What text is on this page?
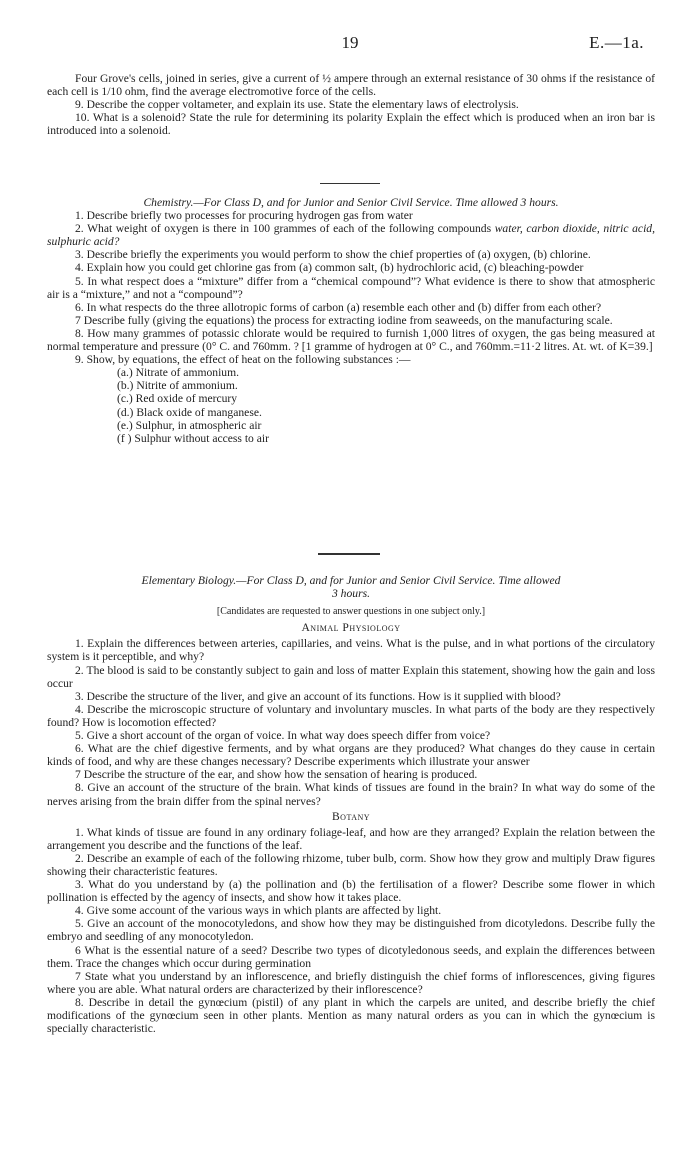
19	E.—1a.

Four Grove's cells, joined in series, give a current of ½ ampere through an external resistance of 30 ohms if the resistance of each cell is 1/10 ohm, find the average electromotive force of the cells.

9. Describe the copper voltameter, and explain its use. State the elementary laws of electrolysis.

10. What is a solenoid? State the rule for determining its polarity Explain the effect which is produced when an iron bar is introduced into a solenoid.

Chemistry.—For Class D, and for Junior and Senior Civil Service. Time allowed 3 hours.

1. Describe briefly two processes for procuring hydrogen gas from water

2. What weight of oxygen is there in 100 grammes of each of the following compounds water, carbon dioxide, nitric acid, sulphuric acid?

3. Describe briefly the experiments you would perform to show the chief properties of (a) oxygen, (b) chlorine.

4. Explain how you could get chlorine gas from (a) common salt, (b) hydrochloric acid, (c) bleaching-powder

5. In what respect does a “mixture” differ from a “chemical compound”? What evidence is there to show that atmospheric air is a “mixture,” and not a “compound”?

6. In what respects do the three allotropic forms of carbon (a) resemble each other and (b) differ from each other?

7 Describe fully (giving the equations) the process for extracting iodine from seaweeds, on the manufacturing scale.

8. How many grammes of potassic chlorate would be required to furnish 1,000 litres of oxygen, the gas being measured at normal temperature and pressure (0° C. and 760mm. ? [1 gramme of hydrogen at 0° C., and 760mm.=11·2 litres. At. wt. of K=39.]

9. Show, by equations, the effect of heat on the following substances :—

(a.) Nitrate of ammonium.

(b.) Nitrite of ammonium.

(c.) Red oxide of mercury

(d.) Black oxide of manganese.

(e.) Sulphur, in atmospheric air

(f ) Sulphur without access to air

Elementary Biology.—For Class D, and for Junior and Senior Civil Service. Time allowed

3 hours.

[Candidates are requested to answer questions in one subject only.]

Animal Physiology

1. Explain the differences between arteries, capillaries, and veins. What is the pulse, and in what portions of the circulatory system is it perceptible, and why?

2. The blood is said to be constantly subject to gain and loss of matter Explain this statement, showing how the gain and loss occur

3. Describe the structure of the liver, and give an account of its functions. How is it supplied with blood?

4. Describe the microscopic structure of voluntary and involuntary muscles. In what parts of the body are they respectively found? How is locomotion effected?

5. Give a short account of the organ of voice. In what way does speech differ from voice?

6. What are the chief digestive ferments, and by what organs are they produced? What changes do they cause in certain kinds of food, and why are these changes necessary? Describe experiments which illustrate your answer

7 Describe the structure of the ear, and show how the sensation of hearing is produced.

8. Give an account of the structure of the brain. What kinds of tissues are found in the brain? In what way do some of the nerves arising from the brain differ from the spinal nerves?

Botany

1. What kinds of tissue are found in any ordinary foliage-leaf, and how are they arranged? Explain the relation between the arrangement you describe and the functions of the leaf.

2. Describe an example of each of the following rhizome, tuber bulb, corm. Show how they grow and multiply Draw figures showing their characteristic features.

3. What do you understand by (a) the pollination and (b) the fertilisation of a flower? Describe some flower in which pollination is effected by the agency of insects, and show how it takes place.

4. Give some account of the various ways in which plants are affected by light.

5. Give an account of the monocotyledons, and show how they may be distinguished from dicotyledons. Describe fully the embryo and seedling of any monocotyledon.

6 What is the essential nature of a seed? Describe two types of dicotyledonous seeds, and explain the differences between them. Trace the changes which occur during germination

7 State what you understand by an inflorescence, and briefly distinguish the chief forms of inflorescences, giving figures where you are able. What natural orders are characterized by their inflorescence?

8. Describe in detail the gynœcium (pistil) of any plant in which the carpels are united, and describe briefly the chief modifications of the gynœcium seen in other plants. Mention as many natural orders as you can in which the gynœcium is specially characteristic.
